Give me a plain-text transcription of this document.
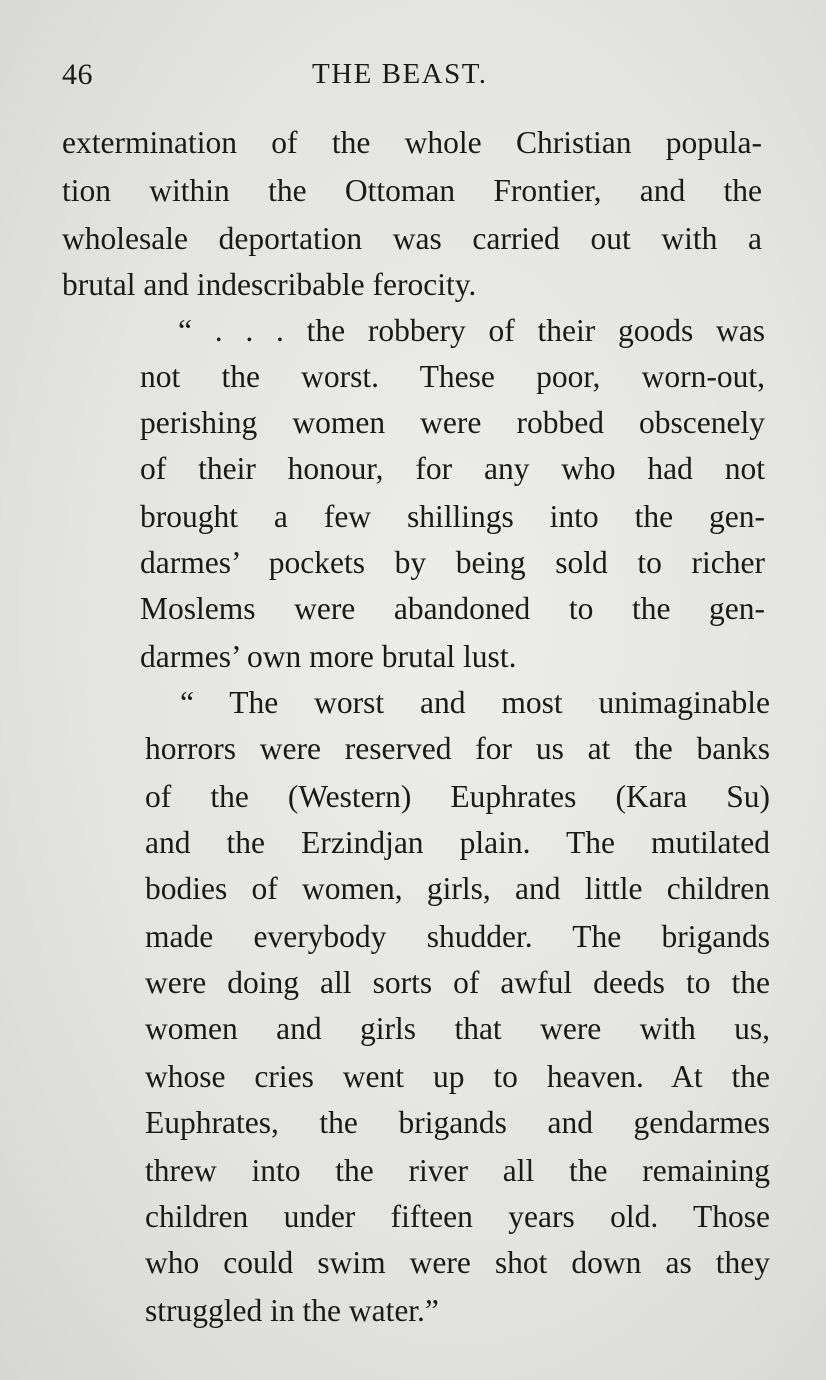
46	THE BEAST.
extermination of the whole Christian popula-
tion within the Ottoman Frontier, and the
wholesale deportation was carried out with a
brutal and indescribable ferocity.
“ . . . the robbery of their goods was
not the worst. These poor, worn-out,
perishing women were robbed obscenely
of their honour, for any who had not
brought a few shillings into the gen-
darmes’ pockets by being sold to richer
Moslems were abandoned to the gen-
darmes’ own more brutal lust.
“ The worst and most unimaginable
horrors were reserved for us at the banks
of the (Western) Euphrates (Kara Su)
and the Erzindjan plain. The mutilated
bodies of women, girls, and little children
made everybody shudder. The brigands
were doing all sorts of awful deeds to the
women and girls that were with us,
whose cries went up to heaven. At the
Euphrates, the brigands and gendarmes
threw into the river all the remaining
children under fifteen years old. Those
who could swim were shot down as they
struggled in the water.”
